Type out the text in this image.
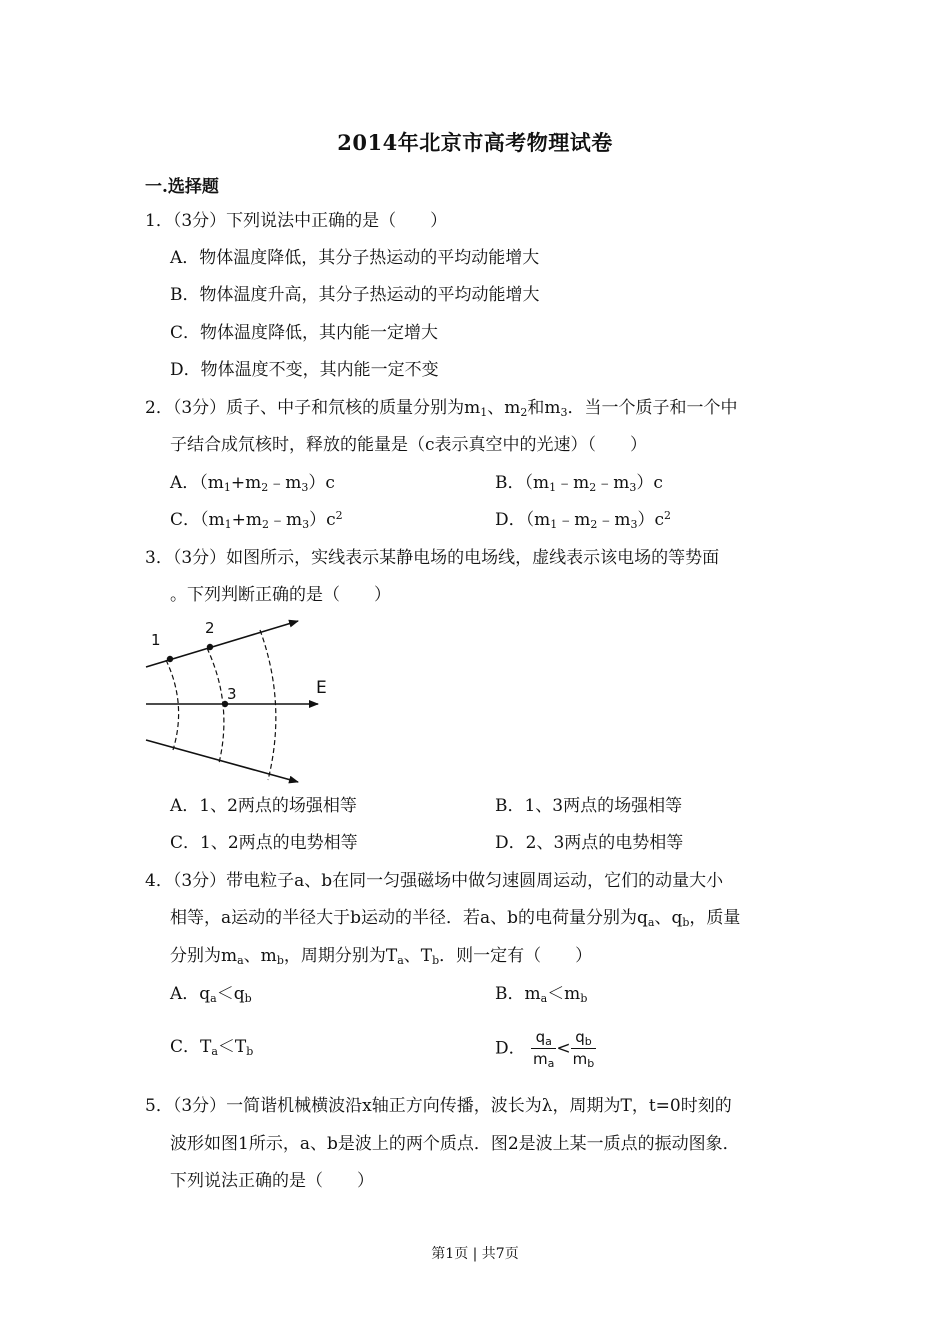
2014年北京市高考物理试卷
一.选择题
1．（3分）下列说法中正确的是（　　）
A．物体温度降低，其分子热运动的平均动能增大
B．物体温度升高，其分子热运动的平均动能增大
C．物体温度降低，其内能一定增大
D．物体温度不变，其内能一定不变
2．（3分）质子、中子和氘核的质量分别为$m_1$、$m_2$和$m_3$．当一个质子和一个中
子结合成氘核时，释放的能量是（c表示真空中的光速）（　　）
A．$(m_1+m_2﹣m_3)c$	B．$(m_1﹣m_2﹣m_3)c$
C．$(m_1+m_2﹣m_3)c^2$	D．$(m_1﹣m_2﹣m_3)c^2$
3．（3分）如图所示，实线表示某静电场的电场线，虚线表示该电场的等势面
。下列判断正确的是（　　）
1
2
3	E
A．1、2两点的场强相等	B．1、3两点的场强相等
C．1、2两点的电势相等	D．2、3两点的电势相等
4．（3分）带电粒子a、b在同一匀强磁场中做匀速圆周运动，它们的动量大小
相等，a运动的半径大于b运动的半径．若a、b的电荷量分别为$q_a$、$q_b$，质量
分别为$m_a$、$m_b$，周期分别为$T_a$、$T_b$．则一定有（　　）
A．$q_a<q_b$	B．$m_a<m_b$
C．$T_a<T_b$	D． $\frac{q_a}{m_a} < \frac{q_b}{m_b}$
5．（3分）一简谐机械横波沿x轴正方向传播，波长为λ，周期为T，t=0时刻的
波形如图1所示，a、b是波上的两个质点．图2是波上某一质点的振动图象．
下列说法正确的是（　　）
第1页 | 共7页
